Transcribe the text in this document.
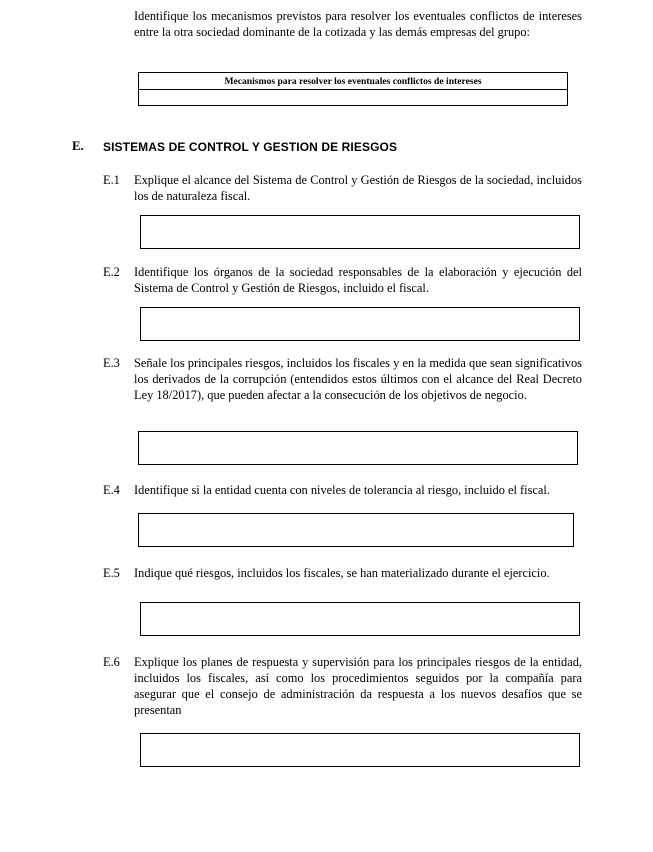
Identifique los mecanismos previstos para resolver los eventuales conflictos de intereses entre la otra sociedad dominante de la cotizada y las demás empresas del grupo:
Mecanismos para resolver los eventuales conflictos de intereses
E. SISTEMAS DE CONTROL Y GESTION DE RIESGOS
E.1 Explique el alcance del Sistema de Control y Gestión de Riesgos de la sociedad, incluidos los de naturaleza fiscal.
E.2 Identifique los órganos de la sociedad responsables de la elaboración y ejecución del Sistema de Control y Gestión de Riesgos, incluido el fiscal.
E.3 Señale los principales riesgos, incluidos los fiscales y en la medida que sean significativos los derivados de la corrupción (entendidos estos últimos con el alcance del Real Decreto Ley 18/2017), que pueden afectar a la consecución de los objetivos de negocio.
E.4 Identifique si la entidad cuenta con niveles de tolerancia al riesgo, incluido el fiscal.
E.5 Indique qué riesgos, incluidos los fiscales, se han materializado durante el ejercicio.
E.6 Explique los planes de respuesta y supervisión para los principales riesgos de la entidad, incluidos los fiscales, así como los procedimientos seguidos por la compañía para asegurar que el consejo de administración da respuesta a los nuevos desafíos que se presentan
